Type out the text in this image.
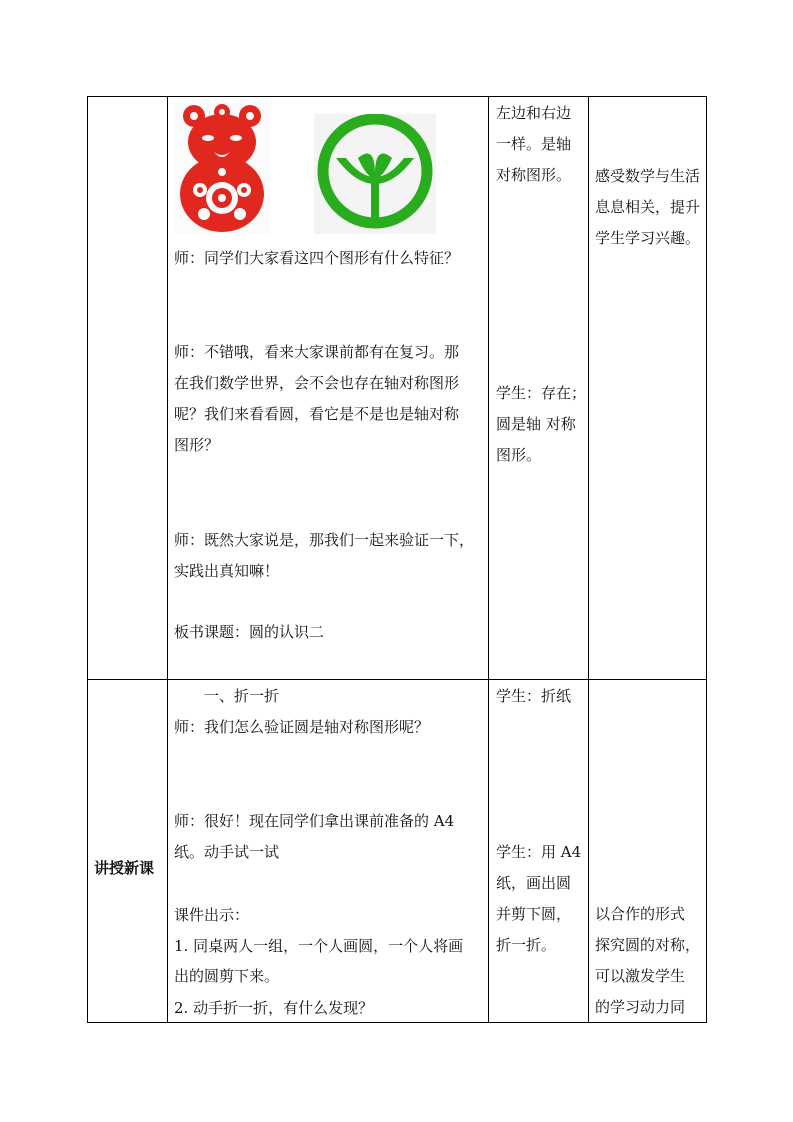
师：同学们大家看这四个图形有什么特征？
师：不错哦，看来大家课前都有在复习。那
在我们数学世界，会不会也存在轴对称图形
呢？我们来看看圆，看它是不是也是轴对称
图形？
师：既然大家说是，那我们一起来验证一下，
实践出真知嘛！
板书课题：圆的认识二
左边和右边
一样。是轴
对称图形。
学生：存在；
圆是轴 对称
图形。
感受数学与生活
息息相关，提升
学生学习兴趣。
讲授新课
一、折一折
师：我们怎么验证圆是轴对称图形呢？
师：很好！现在同学们拿出课前准备的 A4
纸。动手试一试
课件出示：
1. 同桌两人一组，一个人画圆，一个人将画
出的圆剪下来。
2. 动手折一折，有什么发现？
学生：折纸
学生：用 A4
纸，画出圆
并剪下圆，
折一折。
以合作的形式
探究圆的对称，
可以激发学生
的学习动力同
